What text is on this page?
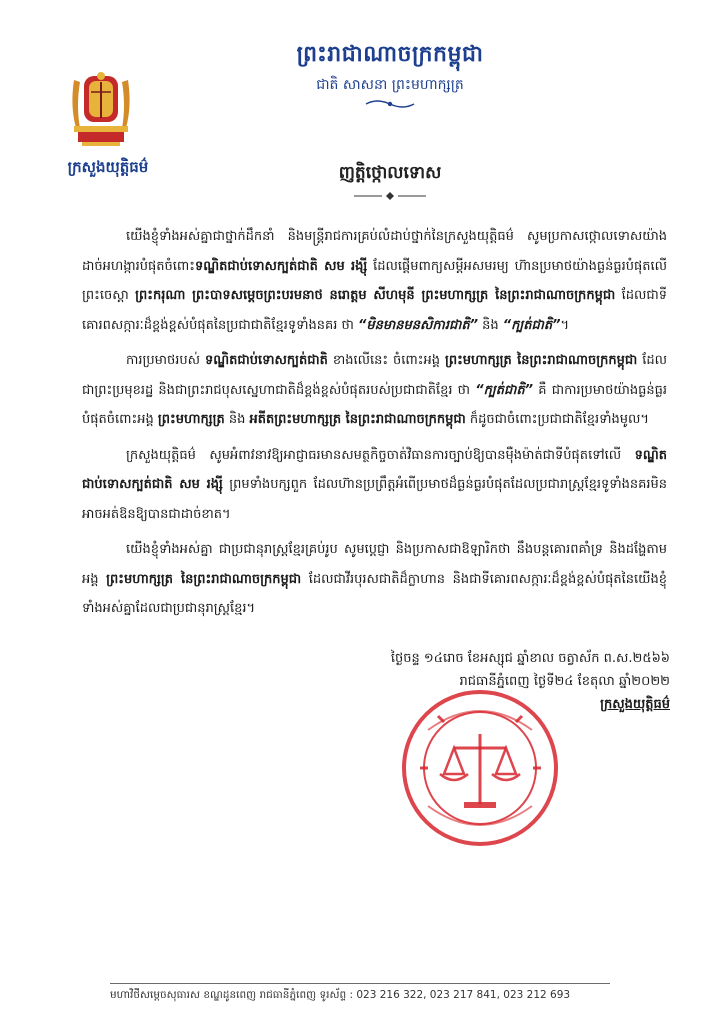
ក្រសួងយុត្តិធម៌
ព្រះរាជាណាចក្រកម្ពុជា
ជាតិ សាសនា ព្រះមហាក្សត្រ
ញត្តិថ្កោលទោស

យើងខ្ញុំទាំងអស់គ្នាជាថ្នាក់ដឹកនាំ និងមន្ត្រីរាជការគ្រប់លំដាប់ថ្នាក់នៃក្រសួងយុត្តិធម៌ សូមប្រកាសថ្កោលទោសយ៉ាងដាច់អហង្ការបំផុតចំពោះទណ្ឌិតជាប់ទោសក្បត់ជាតិ សម រង្ស៊ី ដែលផ្តើមពាក្យសម្តីអសមរម្យ ហ៊ានប្រមាថយ៉ាងធ្ងន់ធ្ងរបំផុតលើព្រះចេស្តា ព្រះករុណា ព្រះបាទសម្តេចព្រះបរមនាថ នរោត្តម សីហមុនី ព្រះមហាក្សត្រ នៃព្រះរាជាណាចក្រកម្ពុជា ដែលជាទីគោរពសក្ការៈដ៏ខ្ពង់ខ្ពស់បំផុតនៃប្រជាជាតិខ្មែរទូទាំងនគរ ថា “មិនមានមនសិការជាតិ” និង “ក្បត់ជាតិ”។

ការប្រមាថរបស់ ទណ្ឌិតជាប់ទោសក្បត់ជាតិ ខាងលើនេះ ចំពោះអង្គ ព្រះមហាក្សត្រ នៃព្រះរាជាណាចក្រកម្ពុជា ដែលជាព្រះប្រមុខរដ្ឋ និងជាព្រះរាជបុសស្នេហាជាតិដ៏ខ្ពង់ខ្ពស់បំផុតរបស់ប្រជាជាតិខ្មែរ ថា “ក្បត់ជាតិ” គឺ ជាការប្រមាថយ៉ាងធ្ងន់ធ្ងរបំផុតចំពោះអង្គ ព្រះមហាក្សត្រ និង អតីតព្រះមហាក្សត្រ នៃព្រះរាជាណាចក្រកម្ពុជា ក៏ដូចជាចំពោះប្រជាជាតិខ្មែរទាំងមូល។

ក្រសួងយុត្តិធម៌ សូមអំពាវនាវឱ្យអាជ្ញាធរមានសមត្ថកិច្ចចាត់វិធានការច្បាប់ឱ្យបានម៉ឺងម៉ាត់ជាទីបំផុតទៅលើ ទណ្ឌិតជាប់ទោសក្បត់ជាតិ សម រង្ស៊ី ព្រមទាំងបក្សពួក ដែលហ៊ានប្រព្រឹត្តអំពើប្រមាថដ៏ធ្ងន់ធ្ងរបំផុតដែលប្រជារាស្ត្រខ្មែរទូទាំងនគរមិនអាចអត់ឱនឱ្យបានជាដាច់ខាត។

យើងខ្ញុំទាំងអស់គ្នា ជាប្រជានុរាស្ត្រខ្មែរគ្រប់រូប សូមប្តេជ្ញា និងប្រកាសជាឱឡារិកថា នឹងបន្តគោរពគាំទ្រ និងដង្ហែតាមអង្គ ព្រះមហាក្សត្រ នៃព្រះរាជាណាចក្រកម្ពុជា ដែលជាវីរបុរសជាតិដ៏ក្លាហាន និងជាទីគោរពសក្ការៈដ៏ខ្ពង់ខ្ពស់បំផុតនៃយើងខ្ញុំទាំងអស់គ្នាដែលជាប្រជានុរាស្ត្រខ្មែរ។

ថ្ងៃចន្ទ ១៤រោច ខែអស្សុជ ឆ្នាំខាល ចត្វាស័ក ព.ស.២៥៦៦
រាជធានីភ្នំពេញ ថ្ងៃទី២៤ ខែតុលា ឆ្នាំ២០២២
ក្រសួងយុត្តិធម៌
មហាវិថីសម្តេចសុធារស ខណ្ឌដូនពេញ រាជធានីភ្នំពេញ ទូរស័ព្ទ : 023 216 322, 023 217 841, 023 212 693
